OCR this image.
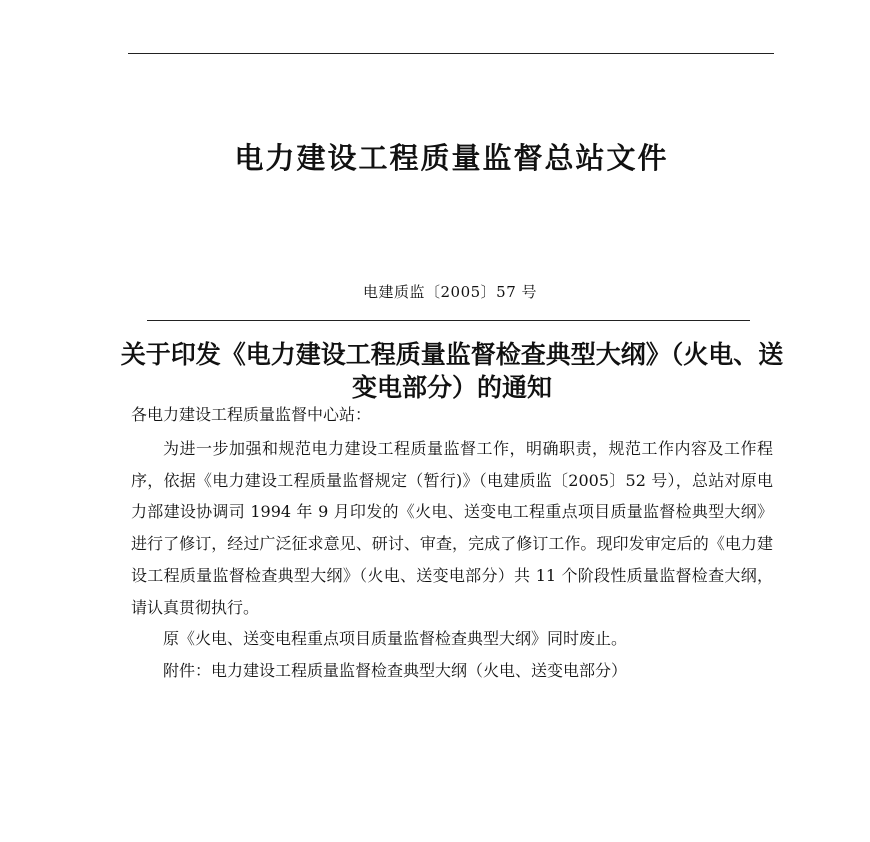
电力建设工程质量监督总站文件
电建质监〔2005〕57 号
关于印发《电力建设工程质量监督检查典型大纲》（火电、送变电部分）的通知
各电力建设工程质量监督中心站：

为进一步加强和规范电力建设工程质量监督工作，明确职责，规范工作内容及工作程序，依据《电力建设工程质量监督规定（暂行)》（电建质监〔2005〕52 号），总站对原电力部建设协调司 1994 年 9 月印发的《火电、送变电工程重点项目质量监督检典型大纲》进行了修订，经过广泛征求意见、研讨、审查，完成了修订工作。现印发审定后的《电力建设工程质量监督检查典型大纲》（火电、送变电部分）共 11 个阶段性质量监督检查大纲，请认真贯彻执行。

原《火电、送变电程重点项目质量监督检查典型大纲》同时废止。

附件：电力建设工程质量监督检查典型大纲（火电、送变电部分）
